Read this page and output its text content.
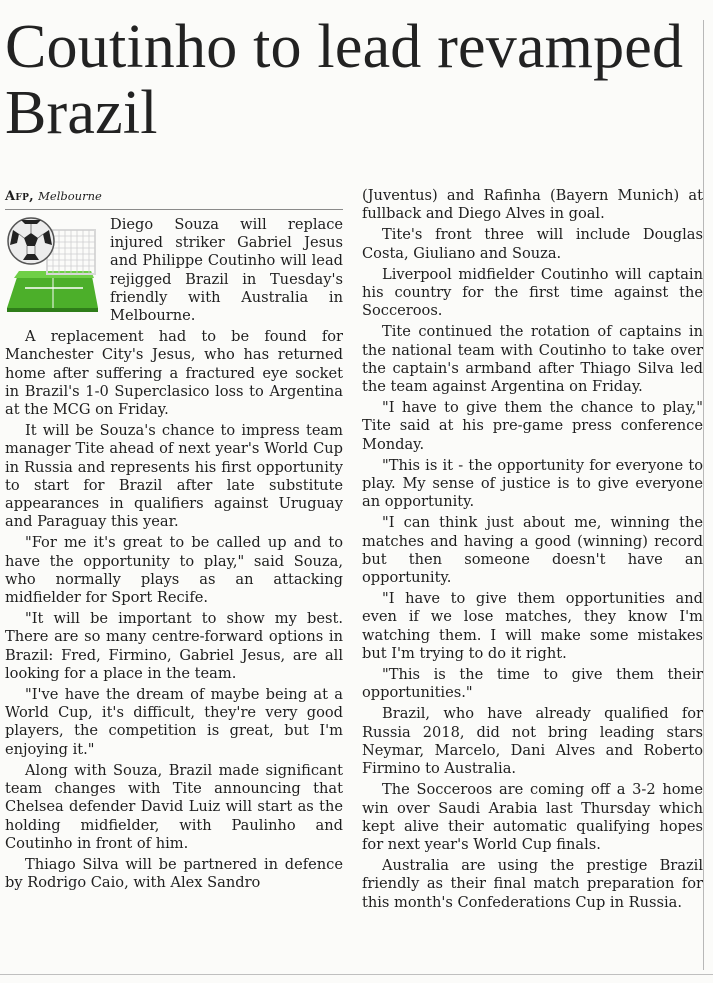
Coutinho to lead revamped Brazil
Afp, Melbourne

Diego Souza will replace injured striker Gabriel Jesus and Philippe Coutinho will lead rejigged Brazil in Tuesday's friendly with Australia in Melbourne.

A replacement had to be found for Manchester City's Jesus, who has returned home after suffering a fractured eye socket in Brazil's 1-0 Superclasico loss to Argentina at the MCG on Friday.

It will be Souza's chance to impress team manager Tite ahead of next year's World Cup in Russia and represents his first opportunity to start for Brazil after late substitute appearances in qualifiers against Uruguay and Paraguay this year.

"For me it's great to be called up and to have the opportunity to play," said Souza, who normally plays as an attacking midfielder for Sport Recife.

"It will be important to show my best. There are so many centre-forward options in Brazil: Fred, Firmino, Gabriel Jesus, are all looking for a place in the team.

"I've have the dream of maybe being at a World Cup, it's difficult, they're very good players, the competition is great, but I'm enjoying it."

Along with Souza, Brazil made significant team changes with Tite announcing that Chelsea defender David Luiz will start as the holding midfielder, with Paulinho and Coutinho in front of him.

Thiago Silva will be partnered in defence by Rodrigo Caio, with Alex Sandro

(Juventus) and Rafinha (Bayern Munich) at fullback and Diego Alves in goal.

Tite's front three will include Douglas Costa, Giuliano and Souza.

Liverpool midfielder Coutinho will captain his country for the first time against the Socceroos.

Tite continued the rotation of captains in the national team with Coutinho to take over the captain's armband after Thiago Silva led the team against Argentina on Friday.

"I have to give them the chance to play," Tite said at his pre-game press conference Monday.

"This is it - the opportunity for everyone to play. My sense of justice is to give everyone an opportunity.

"I can think just about me, winning the matches and having a good (winning) record but then someone doesn't have an opportunity.

"I have to give them opportunities and even if we lose matches, they know I'm watching them. I will make some mistakes but I'm trying to do it right.

"This is the time to give them their opportunities."

Brazil, who have already qualified for Russia 2018, did not bring leading stars Neymar, Marcelo, Dani Alves and Roberto Firmino to Australia.

The Socceroos are coming off a 3-2 home win over Saudi Arabia last Thursday which kept alive their automatic qualifying hopes for next year's World Cup finals.

Australia are using the prestige Brazil friendly as their final match preparation for this month's Confederations Cup in Russia.
